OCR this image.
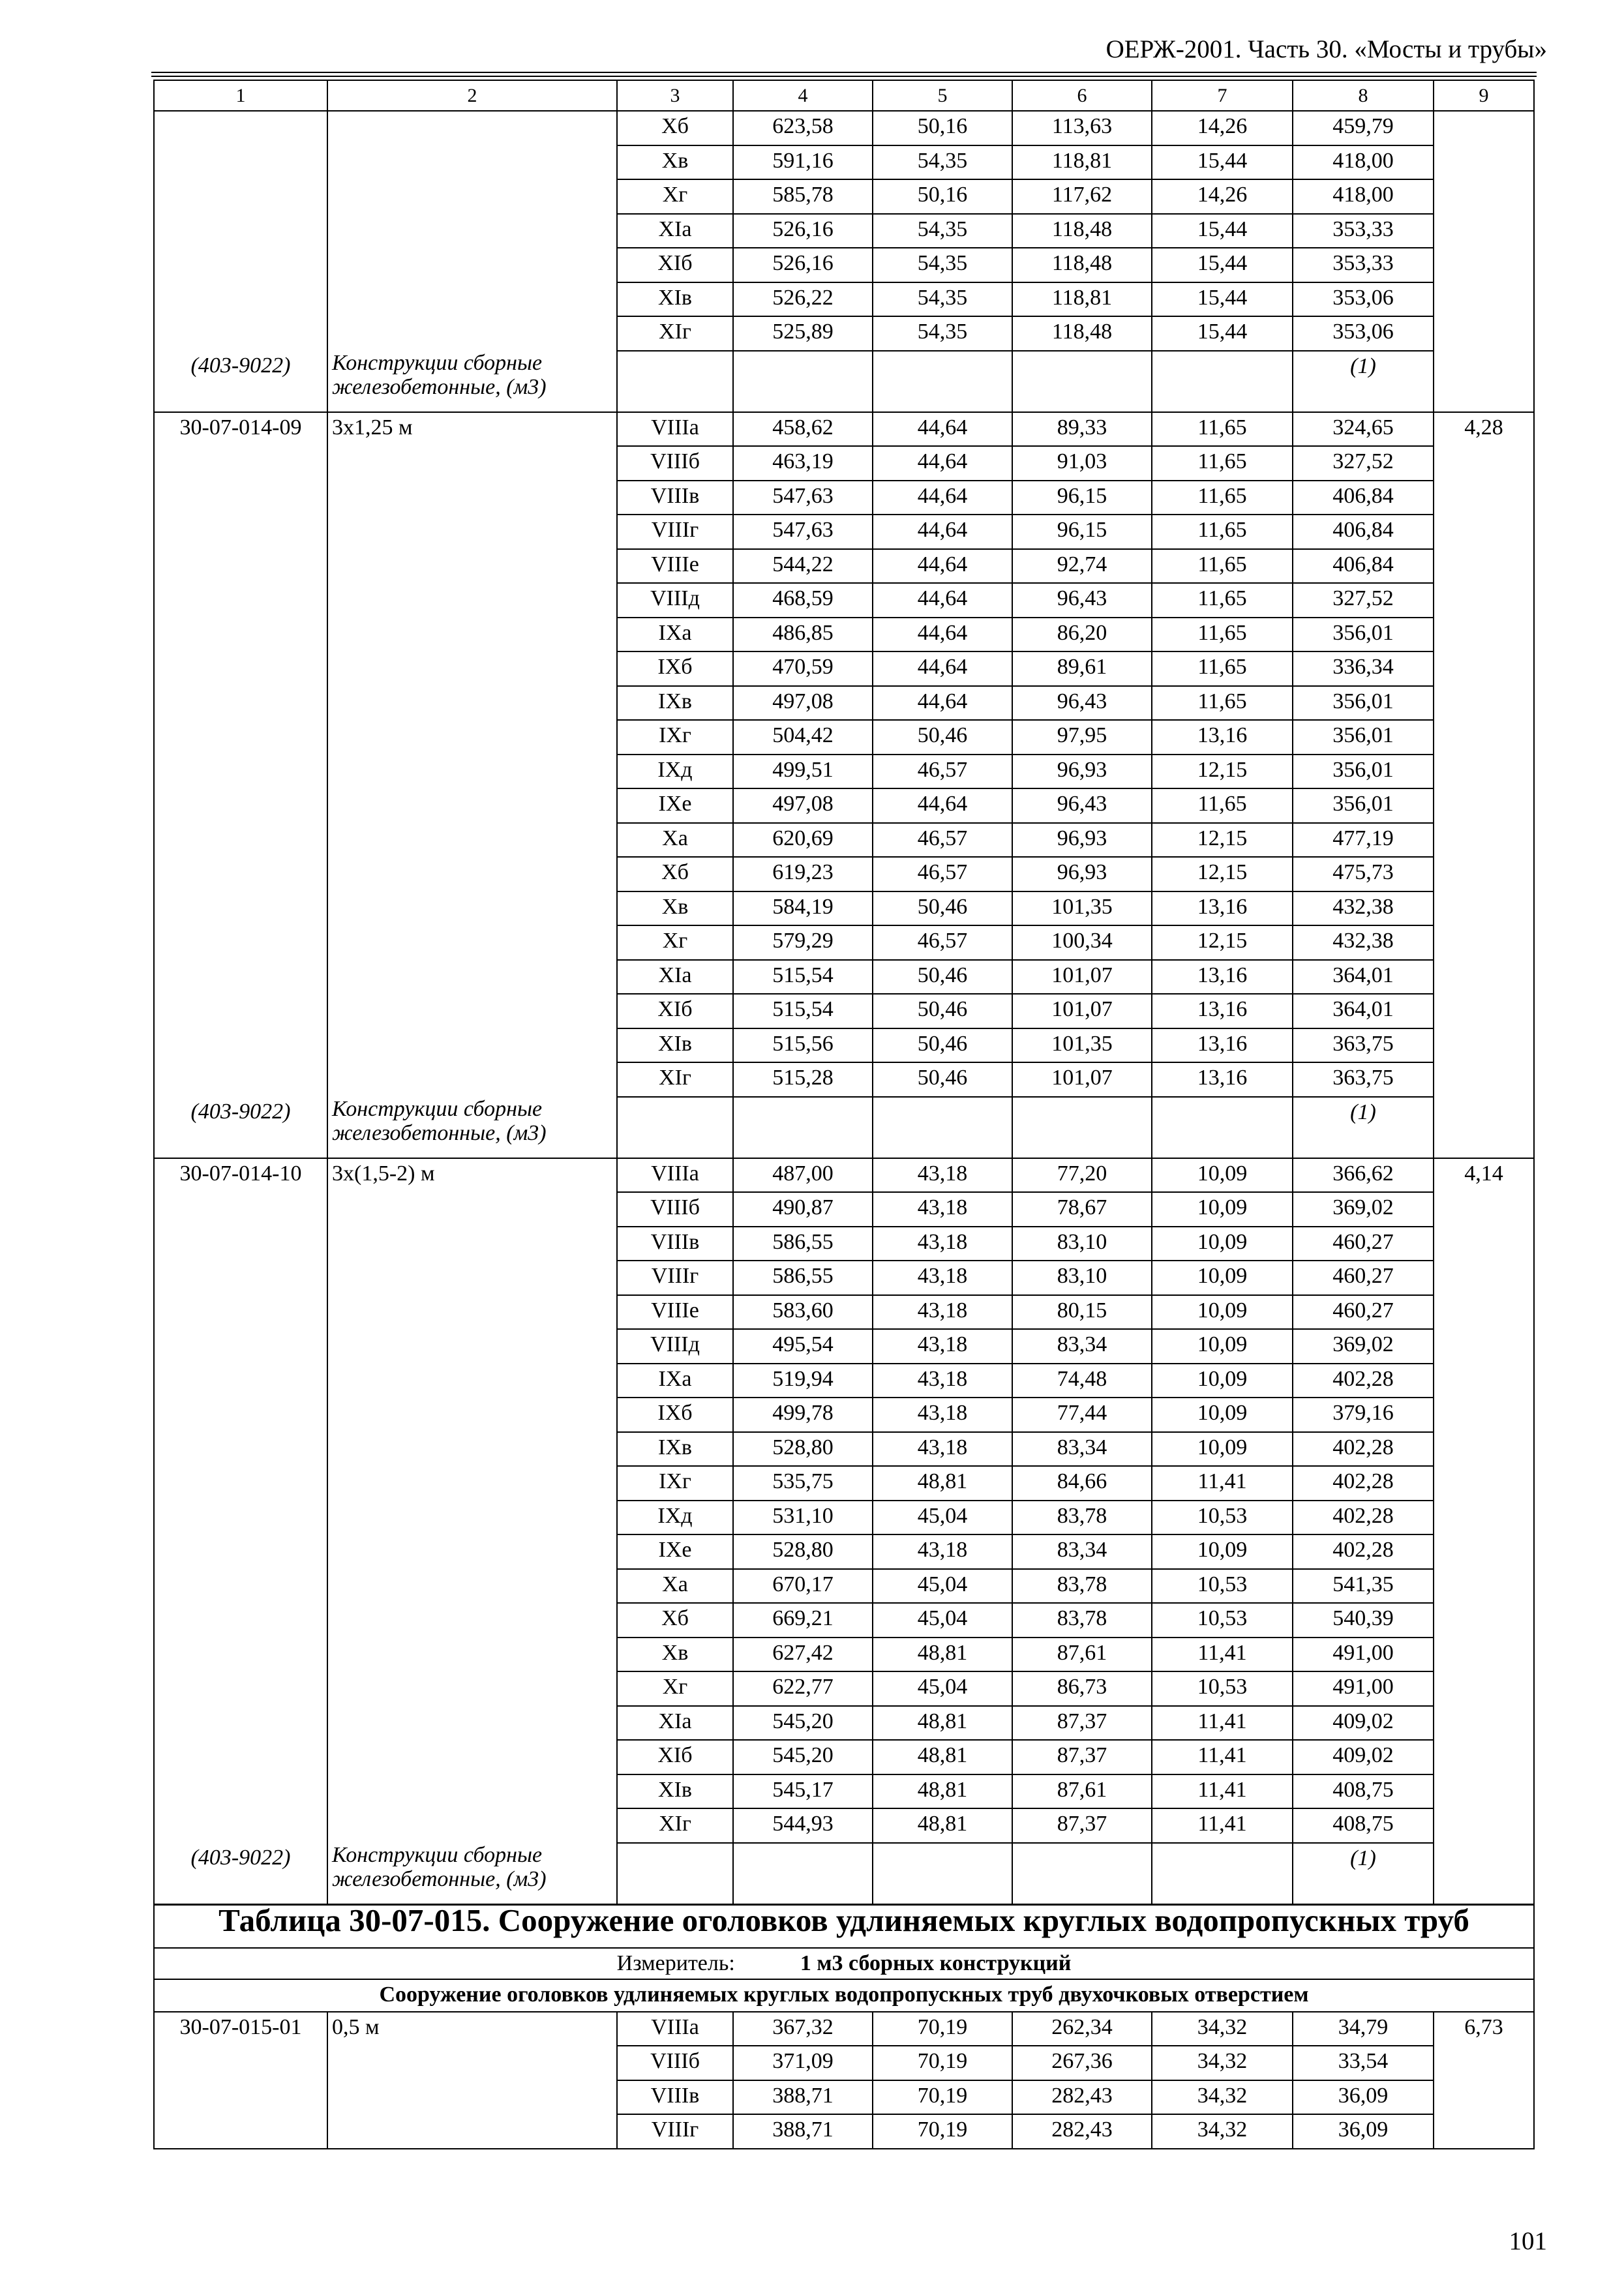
ОЕРЖ-2001. Часть 30. «Мосты и трубы»
1	2	3	4	5	6	7	8	9
		Xб	623,58	50,16	113,63	14,26	459,79	
		Xв	591,16	54,35	118,81	15,44	418,00	
		Xг	585,78	50,16	117,62	14,26	418,00	
		XIа	526,16	54,35	118,48	15,44	353,33	
		XIб	526,16	54,35	118,48	15,44	353,33	
		XIв	526,22	54,35	118,81	15,44	353,06	
		XIг	525,89	54,35	118,48	15,44	353,06	
(403-9022)	Конструкции сборные железобетонные, (м3)						(1)	
30-07-014-09	3х1,25 м	VIIIа	458,62	44,64	89,33	11,65	324,65	4,28
		VIIIб	463,19	44,64	91,03	11,65	327,52	
		VIIIв	547,63	44,64	96,15	11,65	406,84	
		VIIIг	547,63	44,64	96,15	11,65	406,84	
		VIIIе	544,22	44,64	92,74	11,65	406,84	
		VIIIд	468,59	44,64	96,43	11,65	327,52	
		IXа	486,85	44,64	86,20	11,65	356,01	
		IXб	470,59	44,64	89,61	11,65	336,34	
		IXв	497,08	44,64	96,43	11,65	356,01	
		IXг	504,42	50,46	97,95	13,16	356,01	
		IXд	499,51	46,57	96,93	12,15	356,01	
		IXе	497,08	44,64	96,43	11,65	356,01	
		Xа	620,69	46,57	96,93	12,15	477,19	
		Xб	619,23	46,57	96,93	12,15	475,73	
		Xв	584,19	50,46	101,35	13,16	432,38	
		Xг	579,29	46,57	100,34	12,15	432,38	
		XIа	515,54	50,46	101,07	13,16	364,01	
		XIб	515,54	50,46	101,07	13,16	364,01	
		XIв	515,56	50,46	101,35	13,16	363,75	
		XIг	515,28	50,46	101,07	13,16	363,75	
(403-9022)	Конструкции сборные железобетонные, (м3)						(1)	
30-07-014-10	3х(1,5-2) м	VIIIа	487,00	43,18	77,20	10,09	366,62	4,14
		VIIIб	490,87	43,18	78,67	10,09	369,02	
		VIIIв	586,55	43,18	83,10	10,09	460,27	
		VIIIг	586,55	43,18	83,10	10,09	460,27	
		VIIIе	583,60	43,18	80,15	10,09	460,27	
		VIIIд	495,54	43,18	83,34	10,09	369,02	
		IXа	519,94	43,18	74,48	10,09	402,28	
		IXб	499,78	43,18	77,44	10,09	379,16	
		IXв	528,80	43,18	83,34	10,09	402,28	
		IXг	535,75	48,81	84,66	11,41	402,28	
		IXд	531,10	45,04	83,78	10,53	402,28	
		IXе	528,80	43,18	83,34	10,09	402,28	
		Xа	670,17	45,04	83,78	10,53	541,35	
		Xб	669,21	45,04	83,78	10,53	540,39	
		Xв	627,42	48,81	87,61	11,41	491,00	
		Xг	622,77	45,04	86,73	10,53	491,00	
		XIа	545,20	48,81	87,37	11,41	409,02	
		XIб	545,20	48,81	87,37	11,41	409,02	
		XIв	545,17	48,81	87,61	11,41	408,75	
		XIг	544,93	48,81	87,37	11,41	408,75	
(403-9022)	Конструкции сборные железобетонные, (м3)						(1)	
Таблица 30-07-015. Сооружение оголовков удлиняемых круглых водопропускных труб								
Измеритель: 1 м3 сборных конструкций								
Сооружение оголовков удлиняемых круглых водопропускных труб двухочковых отверстием								
30-07-015-01	0,5 м	VIIIа	367,32	70,19	262,34	34,32	34,79	6,73
		VIIIб	371,09	70,19	267,36	34,32	33,54	
		VIIIв	388,71	70,19	282,43	34,32	36,09	
		VIIIг	388,71	70,19	282,43	34,32	36,09	
101
